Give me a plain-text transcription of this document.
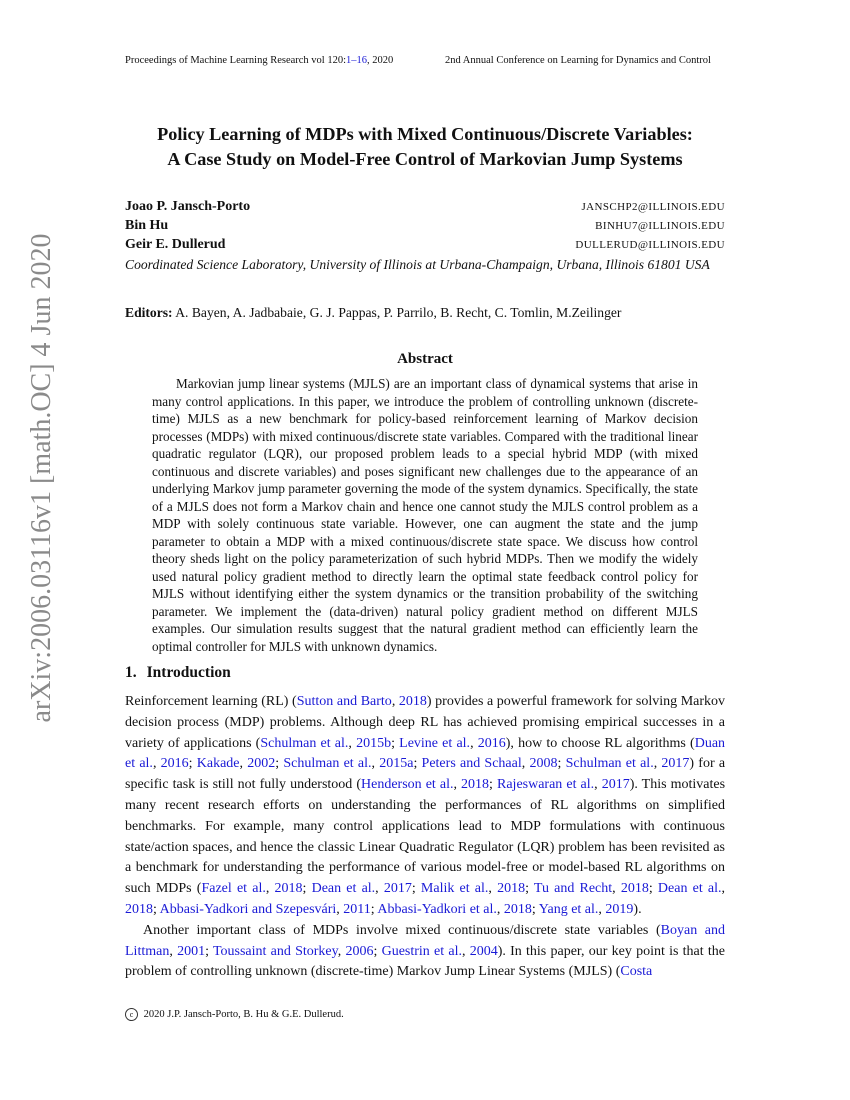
Proceedings of Machine Learning Research vol 120:1–16, 2020	2nd Annual Conference on Learning for Dynamics and Control
arXiv:2006.03116v1 [math.OC] 4 Jun 2020
Policy Learning of MDPs with Mixed Continuous/Discrete Variables:
A Case Study on Model-Free Control of Markovian Jump Systems
Joao P. Jansch-Porto	JANSCHP2@ILLINOIS.EDU
Bin Hu	BINHU7@ILLINOIS.EDU
Geir E. Dullerud	DULLERUD@ILLINOIS.EDU
Coordinated Science Laboratory, University of Illinois at Urbana-Champaign, Urbana, Illinois 61801 USA
Editors: A. Bayen, A. Jadbabaie, G. J. Pappas, P. Parrilo, B. Recht, C. Tomlin, M.Zeilinger
Abstract
Markovian jump linear systems (MJLS) are an important class of dynamical systems that arise in many control applications. In this paper, we introduce the problem of controlling unknown (discrete-time) MJLS as a new benchmark for policy-based reinforcement learning of Markov decision processes (MDPs) with mixed continuous/discrete state variables. Compared with the traditional linear quadratic regulator (LQR), our proposed problem leads to a special hybrid MDP (with mixed continuous and discrete variables) and poses significant new challenges due to the appearance of an underlying Markov jump parameter governing the mode of the system dynamics. Specifically, the state of a MJLS does not form a Markov chain and hence one cannot study the MJLS control problem as a MDP with solely continuous state variable. However, one can augment the state and the jump parameter to obtain a MDP with a mixed continuous/discrete state space. We discuss how control theory sheds light on the policy parameterization of such hybrid MDPs. Then we modify the widely used natural policy gradient method to directly learn the optimal state feedback control policy for MJLS without identifying either the system dynamics or the transition probability of the switching parameter. We implement the (data-driven) natural policy gradient method on different MJLS examples. Our simulation results suggest that the natural gradient method can efficiently learn the optimal controller for MJLS with unknown dynamics.
1. Introduction

Reinforcement learning (RL) (Sutton and Barto, 2018) provides a powerful framework for solving Markov decision process (MDP) problems. Although deep RL has achieved promising empirical successes in a variety of applications (Schulman et al., 2015b; Levine et al., 2016), how to choose RL algorithms (Duan et al., 2016; Kakade, 2002; Schulman et al., 2015a; Peters and Schaal, 2008; Schulman et al., 2017) for a specific task is still not fully understood (Henderson et al., 2018; Rajeswaran et al., 2017). This motivates many recent research efforts on understanding the performances of RL algorithms on simplified benchmarks. For example, many control applications lead to MDP formulations with continuous state/action spaces, and hence the classic Linear Quadratic Regulator (LQR) problem has been revisited as a benchmark for understanding the performance of various model-free or model-based RL algorithms on such MDPs (Fazel et al., 2018; Dean et al., 2017; Malik et al., 2018; Tu and Recht, 2018; Dean et al., 2018; Abbasi-Yadkori and Szepesvári, 2011; Abbasi-Yadkori et al., 2018; Yang et al., 2019).

Another important class of MDPs involve mixed continuous/discrete state variables (Boyan and Littman, 2001; Toussaint and Storkey, 2006; Guestrin et al., 2004). In this paper, our key point is that the problem of controlling unknown (discrete-time) Markov Jump Linear Systems (MJLS) (Costa

c 2020 J.P. Jansch-Porto, B. Hu & G.E. Dullerud.
